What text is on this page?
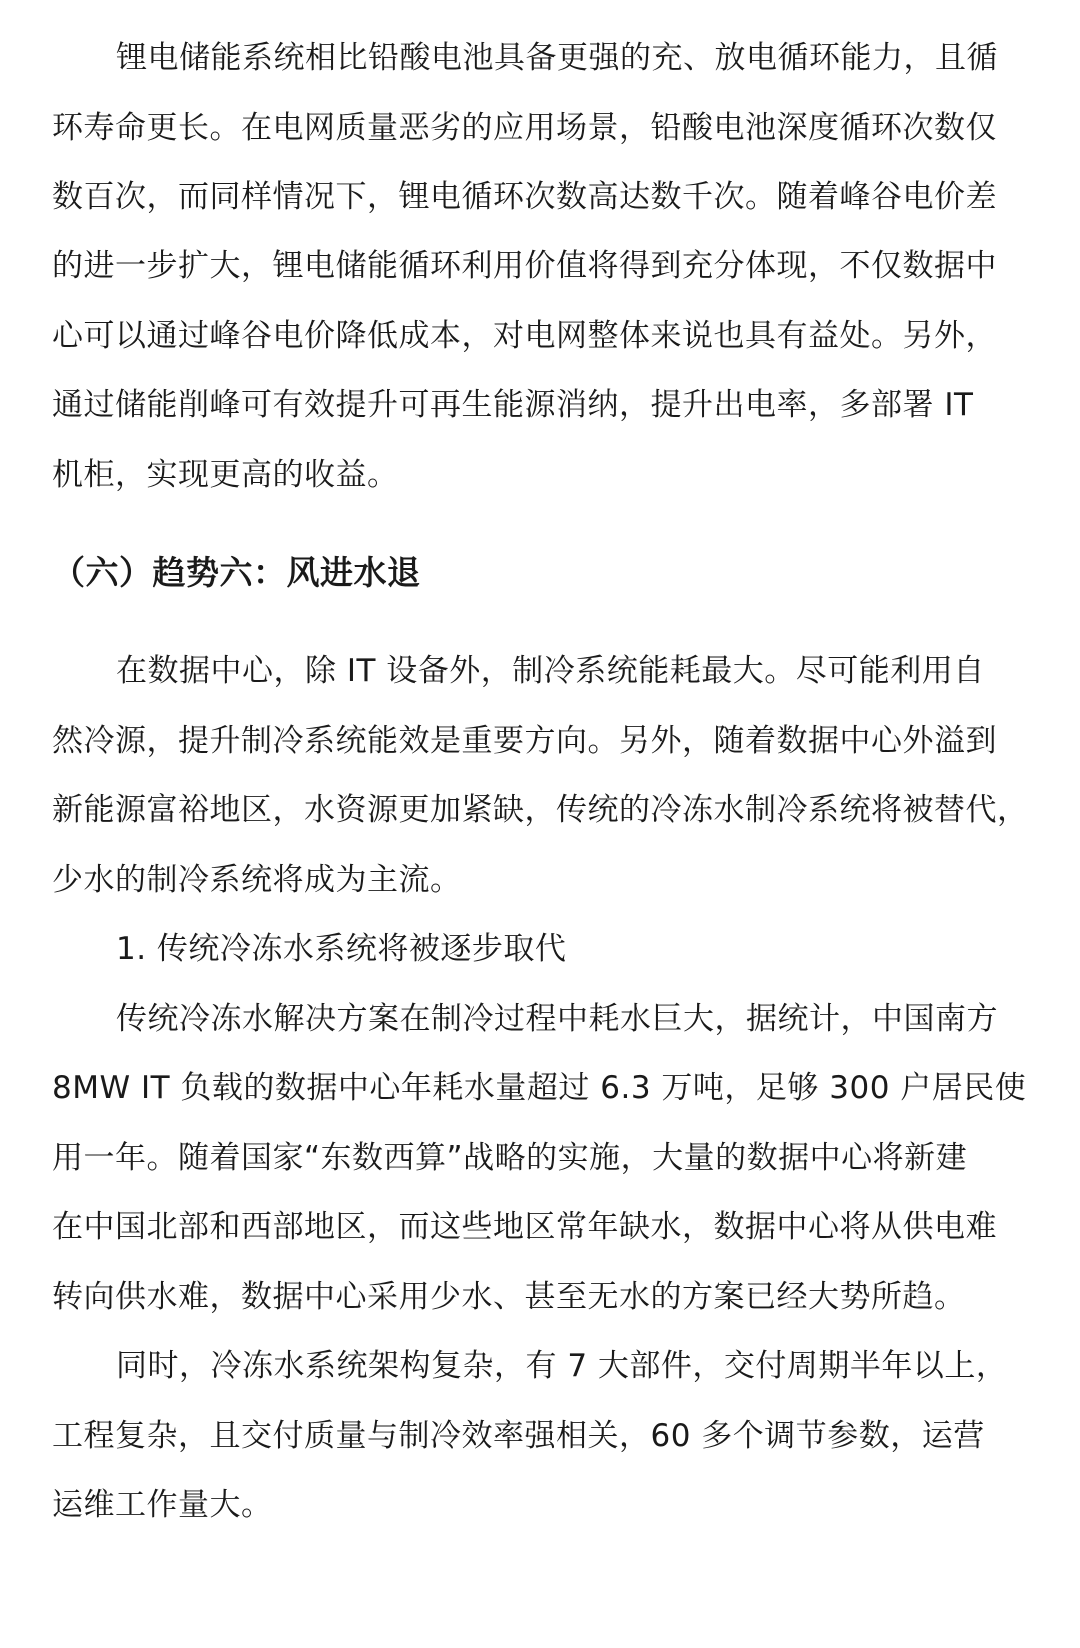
锂电储能系统相比铅酸电池具备更强的充、放电循环能力，且循
环寿命更长。在电网质量恶劣的应用场景，铅酸电池深度循环次数仅
数百次，而同样情况下，锂电循环次数高达数千次。随着峰谷电价差
的进一步扩大，锂电储能循环利用价值将得到充分体现，不仅数据中
心可以通过峰谷电价降低成本，对电网整体来说也具有益处。另外，
通过储能削峰可有效提升可再生能源消纳，提升出电率，多部署 IT
机柜，实现更高的收益。
（六）趋势六：风进水退
在数据中心，除 IT 设备外，制冷系统能耗最大。尽可能利用自
然冷源，提升制冷系统能效是重要方向。另外，随着数据中心外溢到
新能源富裕地区，水资源更加紧缺，传统的冷冻水制冷系统将被替代，
少水的制冷系统将成为主流。
1. 传统冷冻水系统将被逐步取代
传统冷冻水解决方案在制冷过程中耗水巨大，据统计，中国南方
8MW IT 负载的数据中心年耗水量超过 6.3 万吨，足够 300 户居民使
用一年。随着国家“东数西算”战略的实施，大量的数据中心将新建
在中国北部和西部地区，而这些地区常年缺水，数据中心将从供电难
转向供水难，数据中心采用少水、甚至无水的方案已经大势所趋。
同时，冷冻水系统架构复杂，有 7 大部件，交付周期半年以上，
工程复杂，且交付质量与制冷效率强相关，60 多个调节参数，运营
运维工作量大。
